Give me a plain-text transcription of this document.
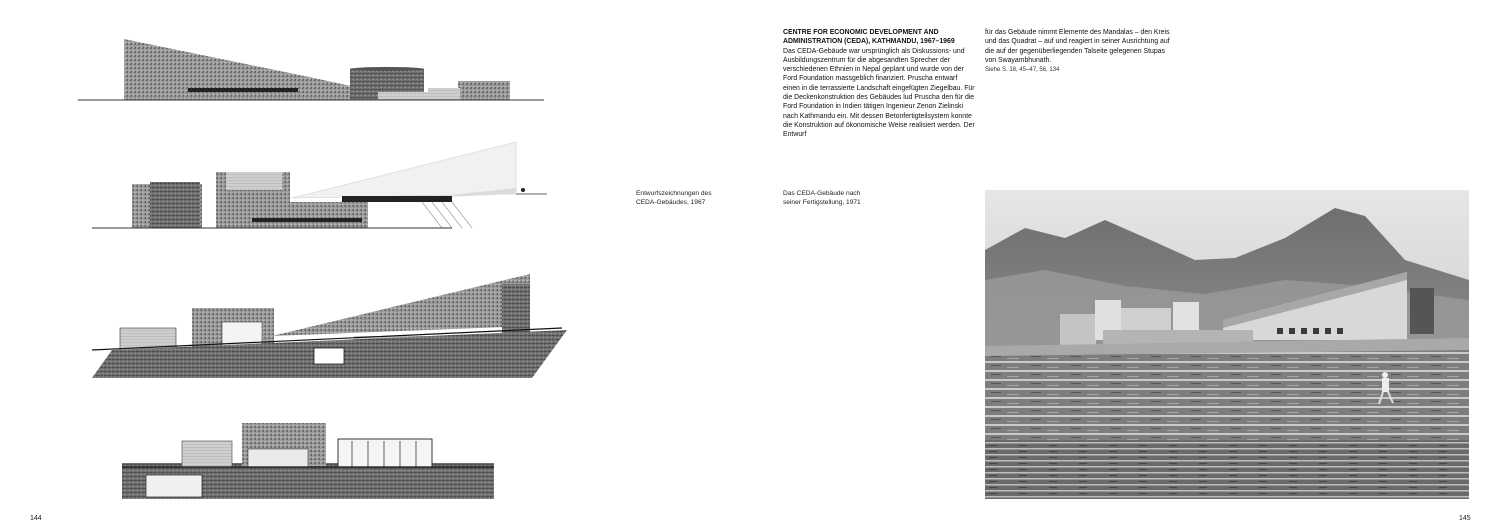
144
Entwurfszeichnungen des CEDA-Gebäudes, 1967
Das CEDA-Gebäude nach seiner Fertigstellung, 1971
CENTRE FOR ECONOMIC DEVELOPMENT AND ADMINISTRATION (CEDA), KATHMANDU, 1967–1969
Das CEDA-Gebäude war ursprünglich als Diskussions- und Ausbildungszentrum für die abgesandten Sprecher der verschiedenen Ethnien in Nepal geplant und wurde von der Ford Foundation massgeblich finanziert. Pruscha entwarf einen in die terrassierte Landschaft eingefügten Ziegelbau. Für die Deckenkonstruktion des Gebäudes lud Pruscha den für die Ford Foundation in Indien tätigen Ingenieur Zenon Zielinski nach Kathmandu ein. Mit dessen Betonfertigteilsystem konnte die Konstruktion auf ökonomische Weise realisiert werden. Der Entwurf
für das Gebäude nimmt Elemente des Mandalas – den Kreis und das Quadrat – auf und reagiert in seiner Ausrichtung auf die auf der gegenüberliegenden Talseite gelegenen Stupas von Swayambhunath.
Siehe S. 18, 45–47, 56, 134
145
